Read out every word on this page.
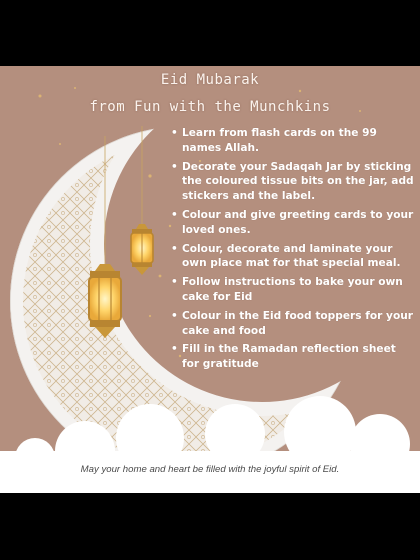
Eid Mubarak
from Fun with the Munchkins
• Learn from flash cards on the 99 names Allah.
• Decorate your Sadaqah Jar by sticking the coloured tissue bits on the jar, add stickers and the label.
• Colour and give greeting cards to your loved ones.
• Colour, decorate and laminate your own place mat for that special meal.
• Follow instructions to bake your own cake for Eid
• Colour in the Eid food toppers for your cake and food
• Fill in the Ramadan reflection sheet for gratitude
May your home and heart be filled with the joyful spirit of Eid.
